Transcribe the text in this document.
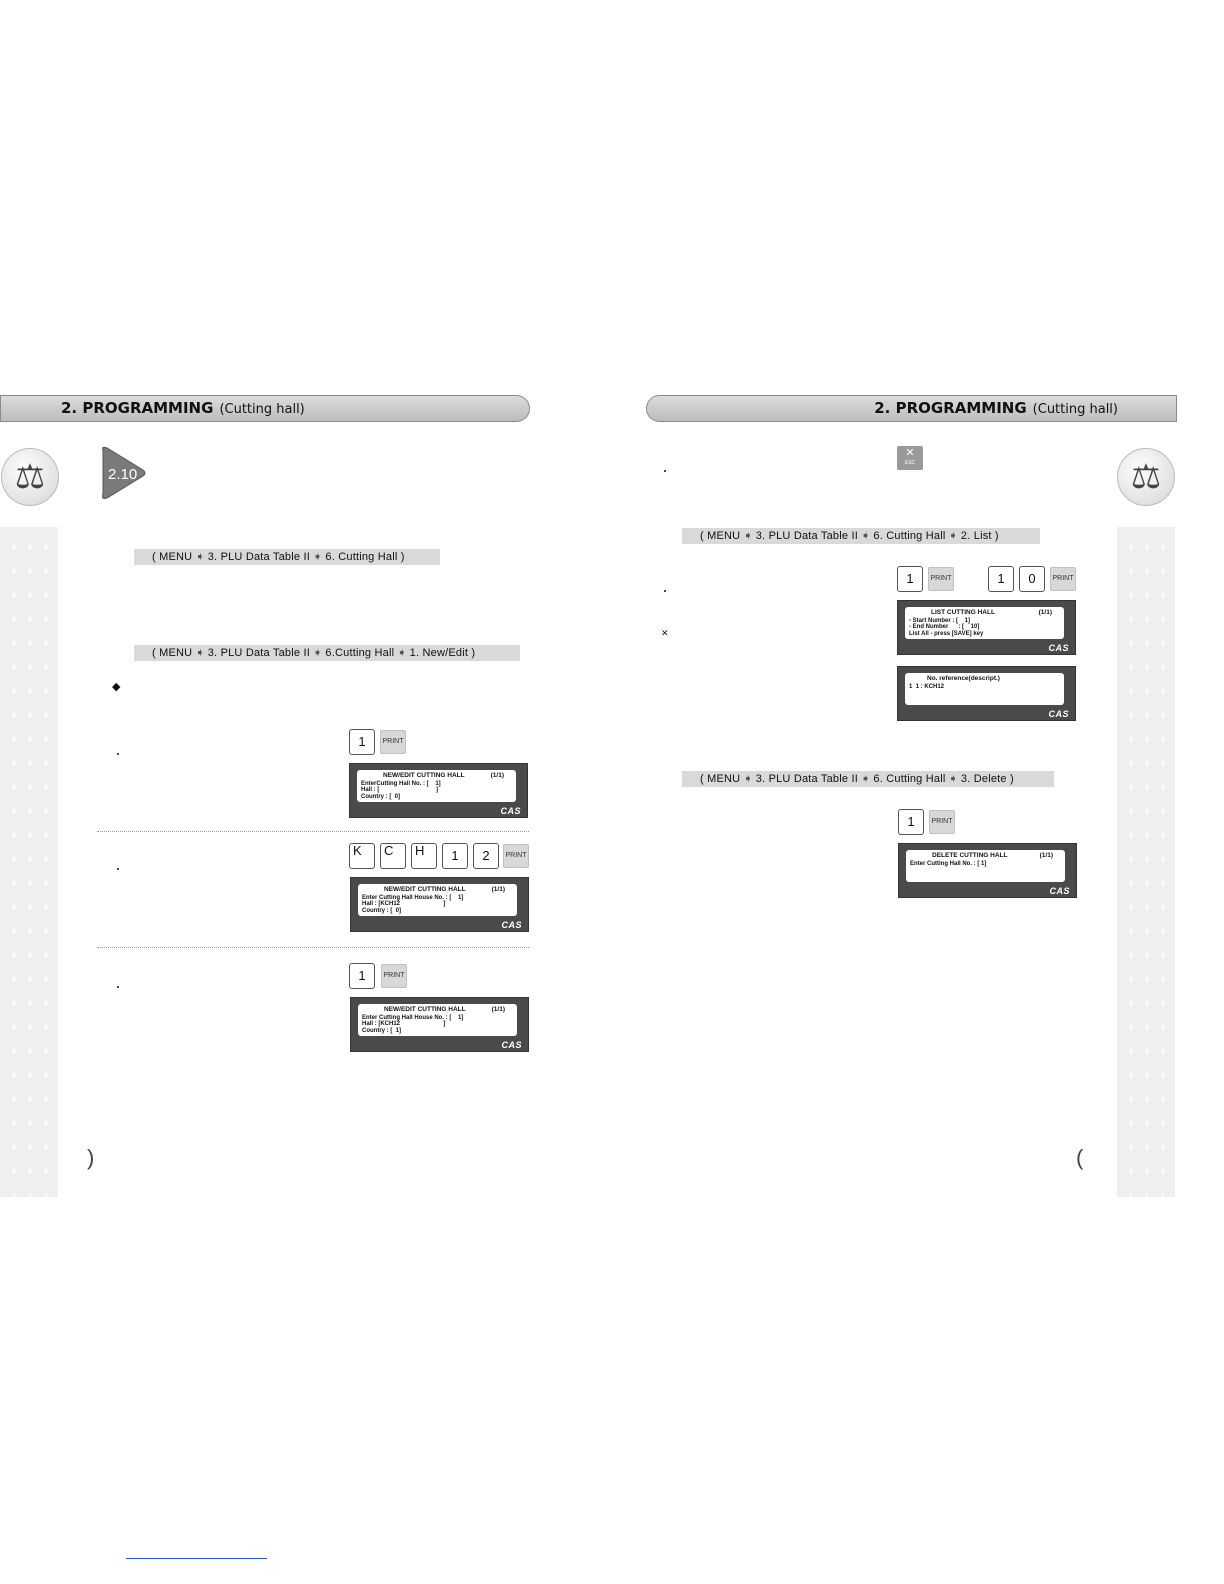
2. PROGRAMMING (Cutting hall)
⚖	2.10
( MENU ➧ 3. PLU Data Table II ➧ 6. Cutting Hall )
( MENU ➧ 3. PLU Data Table II ➧ 6.Cutting Hall ➧ 1. New/Edit )
◆
1	PRINT
NEW/EDIT CUTTING HALL	(1/1)
EnterCutting Hall No. : [    1]
Hall : [                                  ]
Country : [  0]
CAS
K	C	H	1	2	PRINT
NEW/EDIT CUTTING HALL	(1/1)
Enter Cutting Hall House No. : [    1]
Hall : [KCH12                          ]
Country : [  0]
CAS
1	PRINT
NEW/EDIT CUTTING HALL	(1/1)
Enter Cutting Hall House No. : [    1]
Hall : [KCH12                          ]
Country : [  1]
CAS
)
2. PROGRAMMING (Cutting hall)
⚖
✕
ESC
( MENU ➧ 3. PLU Data Table II ➧ 6. Cutting Hall ➧ 2. List )
✕
1	PRINT	1	0	PRINT
LIST CUTTING HALL	(1/1)
- Start Number : [    1]
- End Number      : [    10]
List All - press [SAVE] key
CAS
No. reference(descript.)
1  1 : KCH12
CAS
( MENU ➧ 3. PLU Data Table II ➧ 6. Cutting Hall ➧ 3. Delete )
1	PRINT
DELETE CUTTING HALL	(1/1)
Enter Cutting Hall No. : [ 1]
CAS
(
